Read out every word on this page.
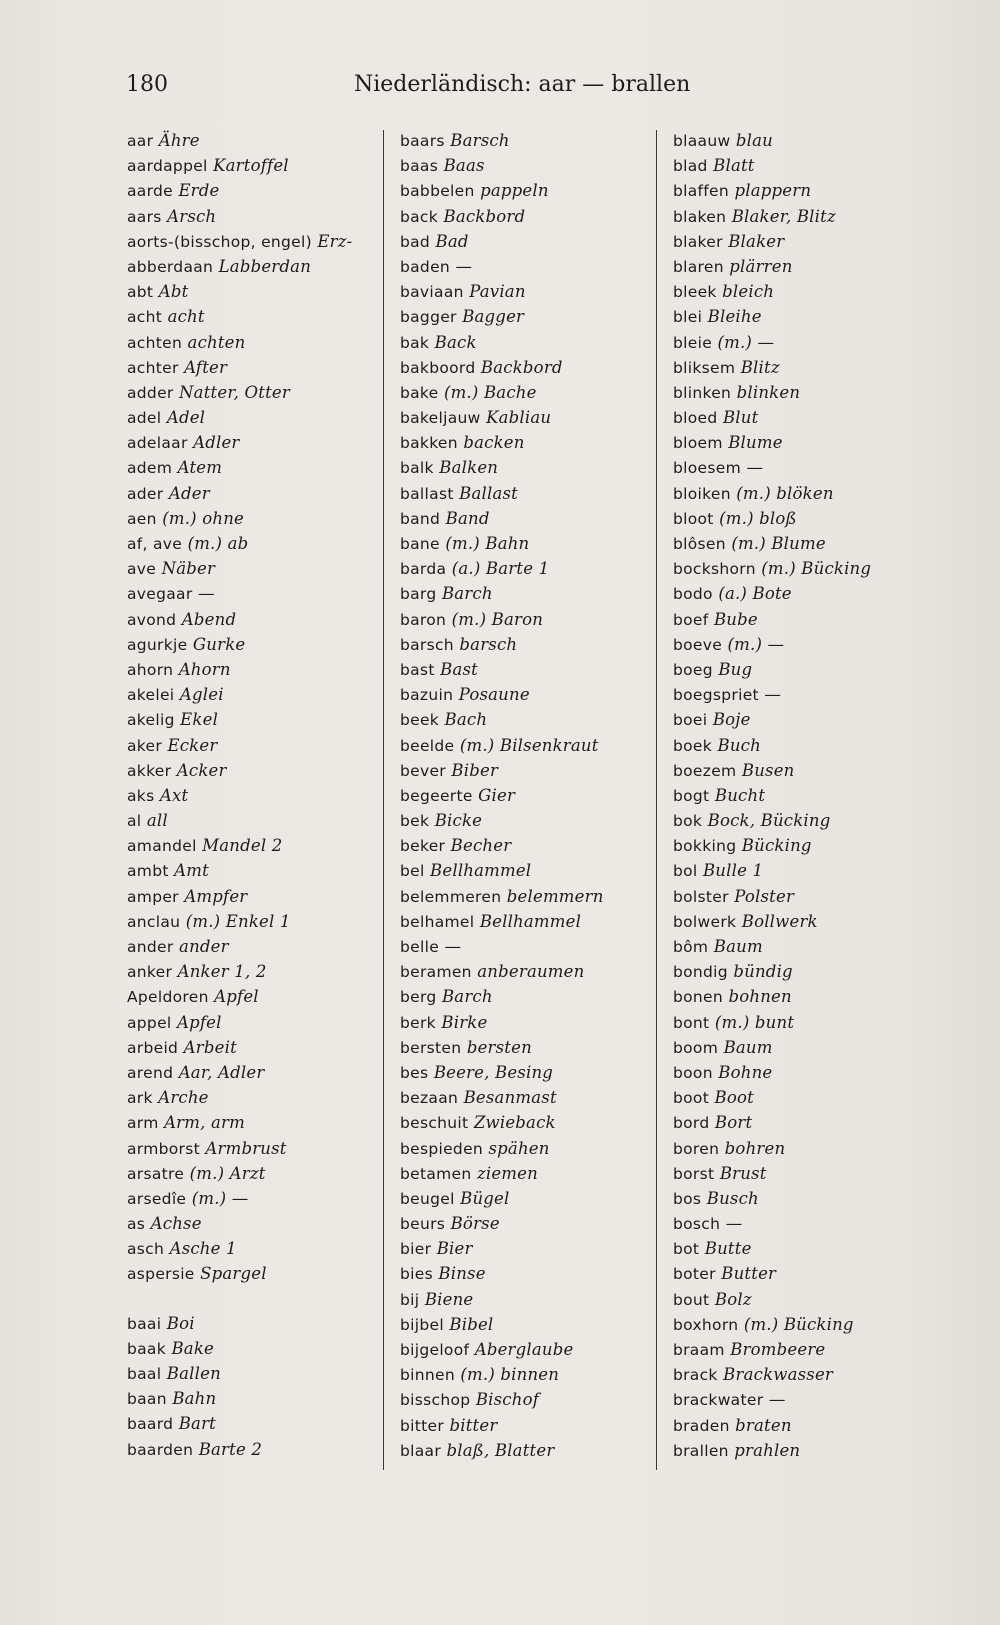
180	Niederländisch: aar — brallen
aar Ähre
aardappel Kartoffel
aarde Erde
aars Arsch
aorts-(bisschop, engel) Erz-
abberdaan Labberdan
abt Abt
acht acht
achten achten
achter After
adder Natter, Otter
adel Adel
adelaar Adler
adem Atem
ader Ader
aen (m.) ohne
af, ave (m.) ab
ave Näber
avegaar —
avond Abend
agurkje Gurke
ahorn Ahorn
akelei Aglei
akelig Ekel
aker Ecker
akker Acker
aks Axt
al all
amandel Mandel 2
ambt Amt
amper Ampfer
anclau (m.) Enkel 1
ander ander
anker Anker 1, 2
Apeldoren Apfel
appel Apfel
arbeid Arbeit
arend Aar, Adler
ark Arche
arm Arm, arm
armborst Armbrust
arsatre (m.) Arzt
arsedîe (m.) —
as Achse
asch Asche 1
aspersie Spargel
baai Boi
baak Bake
baal Ballen
baan Bahn
baard Bart
baarden Barte 2
baars Barsch
baas Baas
babbelen pappeln
back Backbord
bad Bad
baden —
baviaan Pavian
bagger Bagger
bak Back
bakboord Backbord
bake (m.) Bache
bakeljauw Kabliau
bakken backen
balk Balken
ballast Ballast
band Band
bane (m.) Bahn
barda (a.) Barte 1
barg Barch
baron (m.) Baron
barsch barsch
bast Bast
bazuin Posaune
beek Bach
beelde (m.) Bilsenkraut
bever Biber
begeerte Gier
bek Bicke
beker Becher
bel Bellhammel
belemmeren belemmern
belhamel Bellhammel
belle —
beramen anberaumen
berg Barch
berk Birke
bersten bersten
bes Beere, Besing
bezaan Besanmast
beschuit Zwieback
bespieden spähen
betamen ziemen
beugel Bügel
beurs Börse
bier Bier
bies Binse
bij Biene
bijbel Bibel
bijgeloof Aberglaube
binnen (m.) binnen
bisschop Bischof
bitter bitter
blaar blaß, Blatter
blaauw blau
blad Blatt
blaffen plappern
blaken Blaker, Blitz
blaker Blaker
blaren plärren
bleek bleich
blei Bleihe
bleie (m.) —
bliksem Blitz
blinken blinken
bloed Blut
bloem Blume
bloesem —
bloiken (m.) blöken
bloot (m.) bloß
blôsen (m.) Blume
bockshorn (m.) Bücking
bodo (a.) Bote
boef Bube
boeve (m.) —
boeg Bug
boegspriet —
boei Boje
boek Buch
boezem Busen
bogt Bucht
bok Bock, Bücking
bokking Bücking
bol Bulle 1
bolster Polster
bolwerk Bollwerk
bôm Baum
bondig bündig
bonen bohnen
bont (m.) bunt
boom Baum
boon Bohne
boot Boot
bord Bort
boren bohren
borst Brust
bos Busch
bosch —
bot Butte
boter Butter
bout Bolz
boxhorn (m.) Bücking
braam Brombeere
brack Brackwasser
brackwater —
braden braten
brallen prahlen
